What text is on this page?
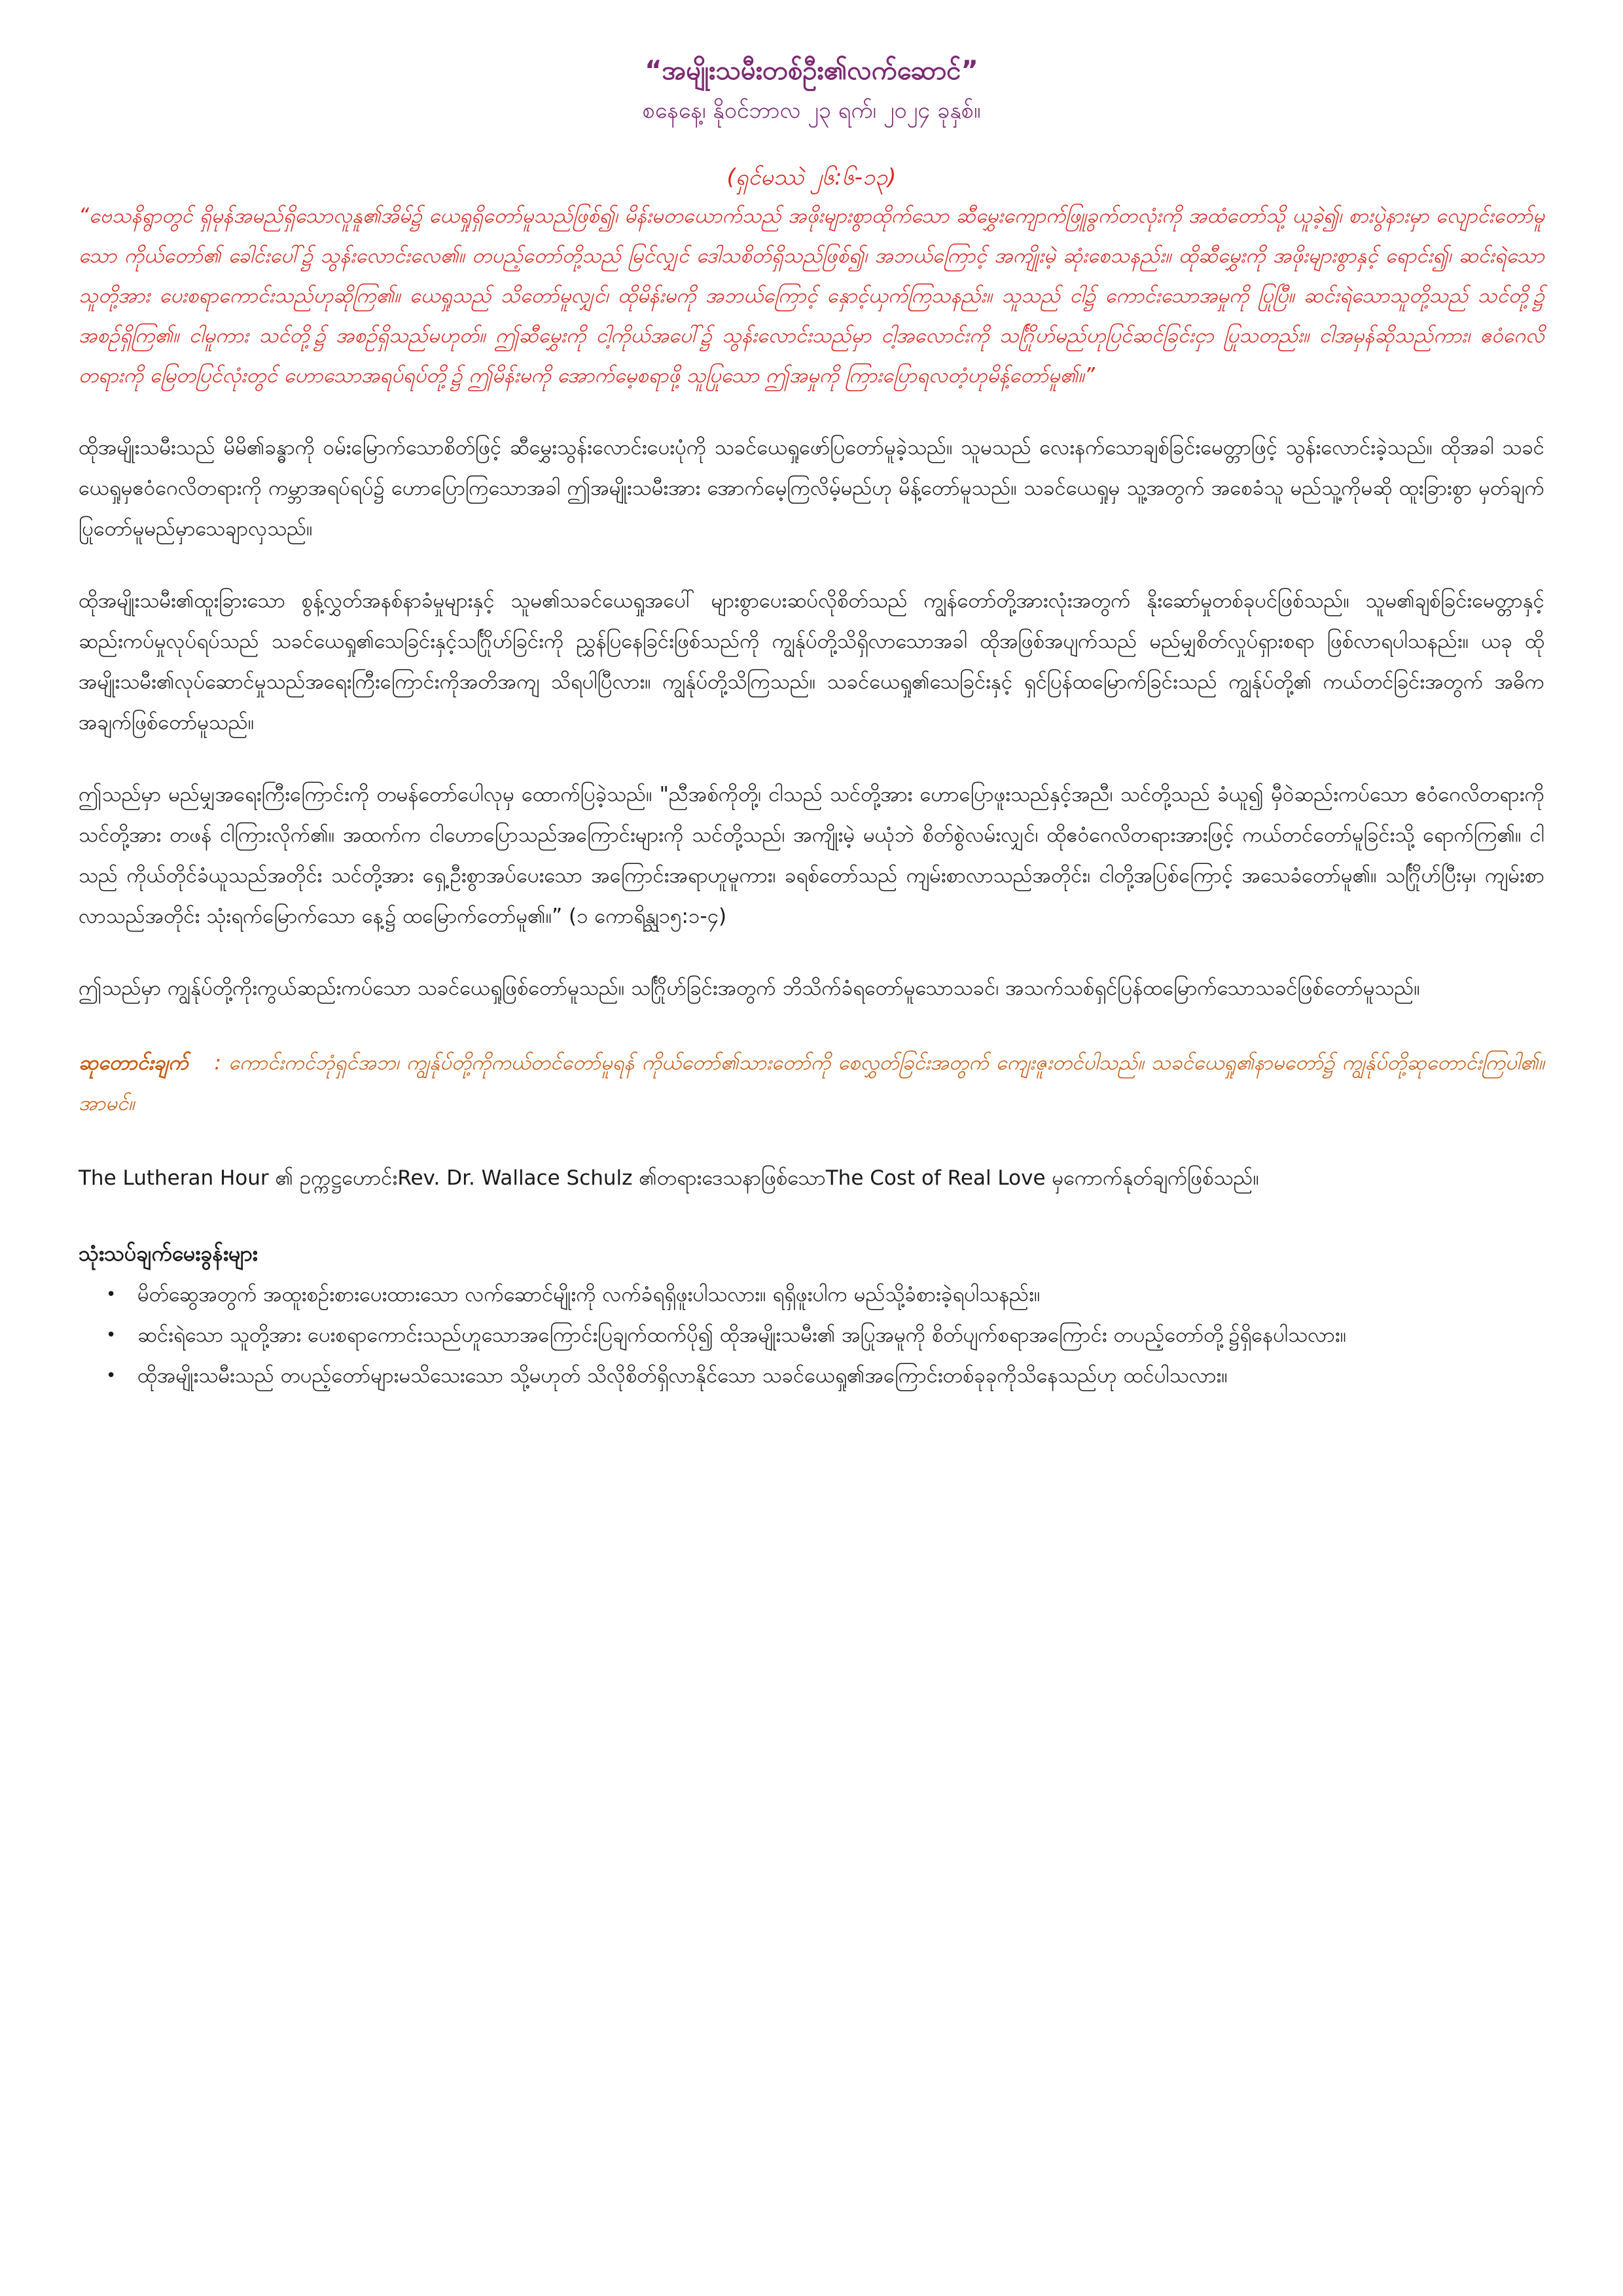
“အမျိုးသမီးတစ်ဦး၏လက်ဆောင်”
စနေနေ့၊ နိုဝင်ဘာလ ၂၃ ရက်၊ ၂၀၂၄ ခုနှစ်။
(ရှင်မဿဲ ၂၆:၆-၁၃)

“ဗေသနိရွာတွင် ရှိမုန်အမည်ရှိသောလူနူ၏အိမ်၌ ယေရှုရှိတော်မူသည်ဖြစ်၍၊ မိန်းမတယောက်သည် အဖိုးများစွာထိုက်သော ဆီမွှေးကျောက်ဖြူခွက်တလုံးကို အထံတော်သို့ ယူခဲ့၍၊ စားပွဲနားမှာ လျောင်းတော်မူသော ကိုယ်တော်၏ ခေါင်းပေါ်၌ သွန်းလောင်းလေ၏။ တပည့်တော်တို့သည် မြင်လျှင် ဒေါသစိတ်ရှိသည်ဖြစ်၍၊ အဘယ်ကြောင့် အကျိုးမဲ့ ဆုံးစေသနည်း။ ထိုဆီမွှေးကို အဖိုးများစွာနှင့် ရောင်း၍၊ ဆင်းရဲသော သူတို့အား ပေးစရာကောင်းသည်ဟုဆိုကြ၏။ ယေရှုသည် သိတော်မူလျှင်၊ ထိုမိန်းမကို အဘယ်ကြောင့် နှောင့်ယှက်ကြသနည်း။ သူသည် ငါ၌ ကောင်းသောအမှုကို ပြုပြီ။ ဆင်းရဲသောသူတို့သည် သင်တို့၌ အစဉ်ရှိကြ၏။ ငါမူကား သင်တို့၌ အစဉ်ရှိသည်မဟုတ်။ ဤဆီမွှေးကို ငါ့ကိုယ်အပေါ်၌ သွန်းလောင်းသည်မှာ ငါ့အလောင်းကို သင်္ဂြိုဟ်မည်ဟုပြင်ဆင်ခြင်းငှာ ပြုသတည်း။ ငါအမှန်ဆိုသည်ကား၊ ဧဝံဂေလိတရားကို မြေတပြင်လုံးတွင် ဟောသောအရပ်ရပ်တို့၌ ဤမိန်းမကို အောက်မေ့စရာဖို့ သူပြုသော ဤအမှုကို ကြားပြောရလတံ့ဟုမိန့်တော်မူ၏။”

ထိုအမျိုးသမီးသည် မိမိ၏ခန္ဓာကို ဝမ်းမြောက်သောစိတ်ဖြင့် ဆီမွှေးသွန်းလောင်းပေးပုံကို သခင်ယေရှုဖော်ပြတော်မူခဲ့သည်။ သူမသည် လေးနက်သောချစ်ခြင်းမေတ္တာဖြင့် သွန်းလောင်းခဲ့သည်။ ထိုအခါ သခင်ယေရှုမှဧဝံဂေလိတရားကို ကမ္ဘာအရပ်ရပ်၌ ဟောပြောကြသောအခါ ဤအမျိုးသမီးအား အောက်မေ့ကြလိမ့်မည်ဟု မိန့်တော်မူသည်။ သခင်ယေရှုမှ သူ့အတွက် အစေခံသူ မည်သူ့ကိုမဆို ထူးခြားစွာ မှတ်ချက်ပြုတော်မူမည်မှာသေချာလှသည်။

ထိုအမျိုးသမီး၏ထူးခြားသော စွန့်လွှတ်အနစ်နာခံမှုများနှင့် သူမ၏သခင်ယေရှုအပေါ် များစွာပေးဆပ်လိုစိတ်သည် ကျွန်တော်တို့အားလုံးအတွက် နိုးဆော်မှုတစ်ခုပင်ဖြစ်သည်။ သူမ၏ချစ်ခြင်းမေတ္တာနှင့် ဆည်းကပ်မှုလုပ်ရပ်သည် သခင်ယေရှု၏သေခြင်းနှင့်သင်္ဂြိုဟ်ခြင်းကို ညွှန်ပြနေခြင်းဖြစ်သည်ကို ကျွန်ုပ်တို့သိရှိလာသောအခါ ထိုအဖြစ်အပျက်သည် မည်မျှစိတ်လှုပ်ရှားစရာ ဖြစ်လာရပါသနည်း။ ယခု ထိုအမျိုးသမီး၏လုပ်ဆောင်မှုသည်အရေးကြီးကြောင်းကိုအတိအကျ သိရပါပြီလား။ ကျွန်ုပ်တို့သိကြသည်။ သခင်ယေရှု၏သေခြင်းနှင့် ရှင်ပြန်ထမြောက်ခြင်းသည် ကျွန်ုပ်တို့၏ ကယ်တင်ခြင်းအတွက် အဓိကအချက်ဖြစ်တော်မူသည်။

ဤသည်မှာ မည်မျှအရေးကြီးကြောင်းကို တမန်တော်ပေါလုမှ ထောက်ပြခဲ့သည်။ "ညီအစ်ကိုတို့၊ ငါသည် သင်တို့အား ဟောပြောဖူးသည်နှင့်အညီ၊ သင်တို့သည် ခံယူ၍ မှီဝဲဆည်းကပ်သော ဧဝံဂေလိတရားကို သင်တို့အား တဖန် ငါကြားလိုက်၏။ အထက်က ငါဟောပြောသည်အကြောင်းများကို သင်တို့သည်၊ အကျိုးမဲ့ မယုံဘဲ စိတ်စွဲလမ်းလျှင်၊ ထိုဧဝံဂေလိတရားအားဖြင့် ကယ်တင်တော်မူခြင်းသို့ ရောက်ကြ၏။ ငါသည် ကိုယ်တိုင်ခံယူသည်အတိုင်း သင်တို့အား ရှေ့ဦးစွာအပ်ပေးသော အကြောင်းအရာဟူမူကား၊ ခရစ်တော်သည် ကျမ်းစာလာသည်အတိုင်း၊ ငါတို့အပြစ်ကြောင့် အသေခံတော်မူ၏။ သင်္ဂြိုဟ်ပြီးမှ၊ ကျမ်းစာလာသည်အတိုင်း သုံးရက်မြောက်သော နေ့၌ ထမြောက်တော်မူ၏။” (၁ ကောရိန္သု၁၅:၁-၄)

ဤသည်မှာ ကျွန်ုပ်တို့ကိုးကွယ်ဆည်းကပ်သော သခင်ယေရှုဖြစ်တော်မူသည်။ သင်္ဂြိုဟ်ခြင်းအတွက် ဘိသိက်ခံရတော်မူသောသခင်၊ အသက်သစ်ရှင်ပြန်ထမြောက်သောသခင်ဖြစ်တော်မူသည်။

ဆုတောင်းချက် : ကောင်းကင်ဘုံရှင်အဘ၊ ကျွန်ုပ်တို့ကိုကယ်တင်တော်မူရန် ကိုယ်တော်၏သားတော်ကို စေလွှတ်ခြင်းအတွက် ကျေးဇူးတင်ပါသည်။ သခင်ယေရှု၏နာမတော်၌ ကျွန်ုပ်တို့ဆုတောင်းကြပါ၏။ အာမင်။

The Lutheran Hour ၏ ဥက္ကဋ္ဌဟောင်းRev. Dr. Wallace Schulz ၏တရားဒေသနာဖြစ်သောThe Cost of Real Love မှကောက်နုတ်ချက်ဖြစ်သည်။

သုံးသပ်ချက်မေးခွန်းများ
• မိတ်ဆွေအတွက် အထူးစဉ်းစားပေးထားသော လက်ဆောင်မျိုးကို လက်ခံရရှိဖူးပါသလား။ ရရှိဖူးပါက မည်သို့ခံစားခဲ့ရပါသနည်း။
• ဆင်းရဲသော သူတို့အား ပေးစရာကောင်းသည်ဟူသောအကြောင်းပြချက်ထက်ပို၍ ထိုအမျိုးသမီး၏ အပြုအမူကို စိတ်ပျက်စရာအကြောင်း တပည့်တော်တို့၌ရှိနေပါသလား။
• ထိုအမျိုးသမီးသည် တပည့်တော်များမသိသေးသော သို့မဟုတ် သိလိုစိတ်ရှိလာနိုင်သော သခင်ယေရှု၏အကြောင်းတစ်ခုခုကိုသိနေသည်ဟု ထင်ပါသလား။
